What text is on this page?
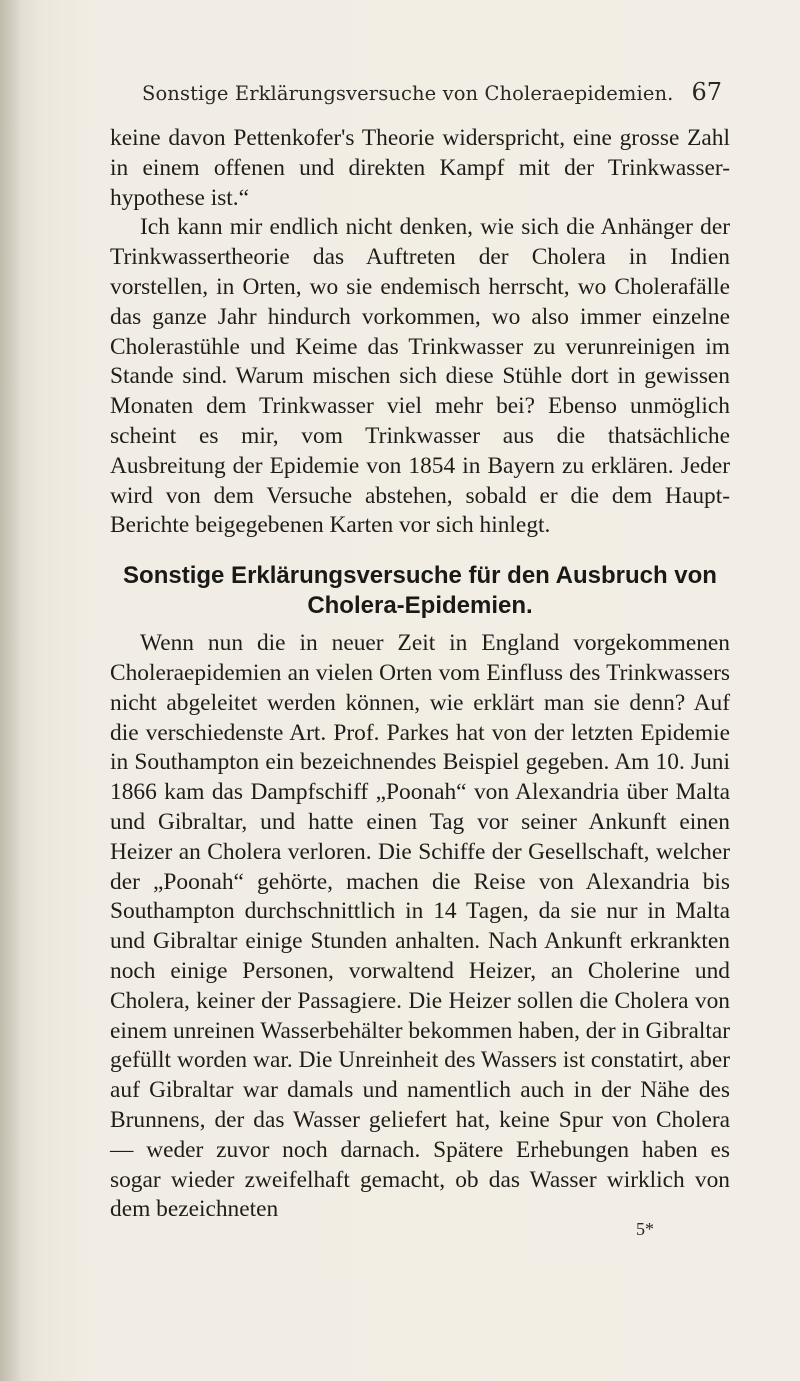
Sonstige Erklärungsversuche von Choleraepidemien. 67

keine davon Pettenkofer's Theorie widerspricht, eine grosse Zahl in einem offenen und direkten Kampf mit der Trinkwasser-hypothese ist.“

Ich kann mir endlich nicht denken, wie sich die Anhänger der Trinkwassertheorie das Auftreten der Cholera in Indien vorstellen, in Orten, wo sie endemisch herrscht, wo Cholerafälle das ganze Jahr hindurch vorkommen, wo also immer einzelne Cholerastühle und Keime das Trinkwasser zu verunreinigen im Stande sind. Warum mischen sich diese Stühle dort in gewissen Monaten dem Trinkwasser viel mehr bei? Ebenso unmöglich scheint es mir, vom Trinkwasser aus die thatsächliche Ausbreitung der Epidemie von 1854 in Bayern zu erklären. Jeder wird von dem Versuche abstehen, sobald er die dem Haupt-Berichte beigegebenen Karten vor sich hinlegt.

Sonstige Erklärungsversuche für den Ausbruch von Cholera-Epidemien.

Wenn nun die in neuer Zeit in England vorgekommenen Choleraepidemien an vielen Orten vom Einfluss des Trinkwassers nicht abgeleitet werden können, wie erklärt man sie denn? Auf die verschiedenste Art. Prof. Parkes hat von der letzten Epidemie in Southampton ein bezeichnendes Beispiel gegeben. Am 10. Juni 1866 kam das Dampfschiff „Poonah“ von Alexandria über Malta und Gibraltar, und hatte einen Tag vor seiner Ankunft einen Heizer an Cholera verloren. Die Schiffe der Gesellschaft, welcher der „Poonah“ gehörte, machen die Reise von Alexandria bis Southampton durchschnittlich in 14 Tagen, da sie nur in Malta und Gibraltar einige Stunden anhalten. Nach Ankunft erkrankten noch einige Personen, vorwaltend Heizer, an Cholerine und Cholera, keiner der Passagiere. Die Heizer sollen die Cholera von einem unreinen Wasserbehälter bekommen haben, der in Gibraltar gefüllt worden war. Die Unreinheit des Wassers ist constatirt, aber auf Gibraltar war damals und namentlich auch in der Nähe des Brunnens, der das Wasser geliefert hat, keine Spur von Cholera — weder zuvor noch darnach. Spätere Erhebungen haben es sogar wieder zweifelhaft gemacht, ob das Wasser wirklich von dem bezeichneten

5*
